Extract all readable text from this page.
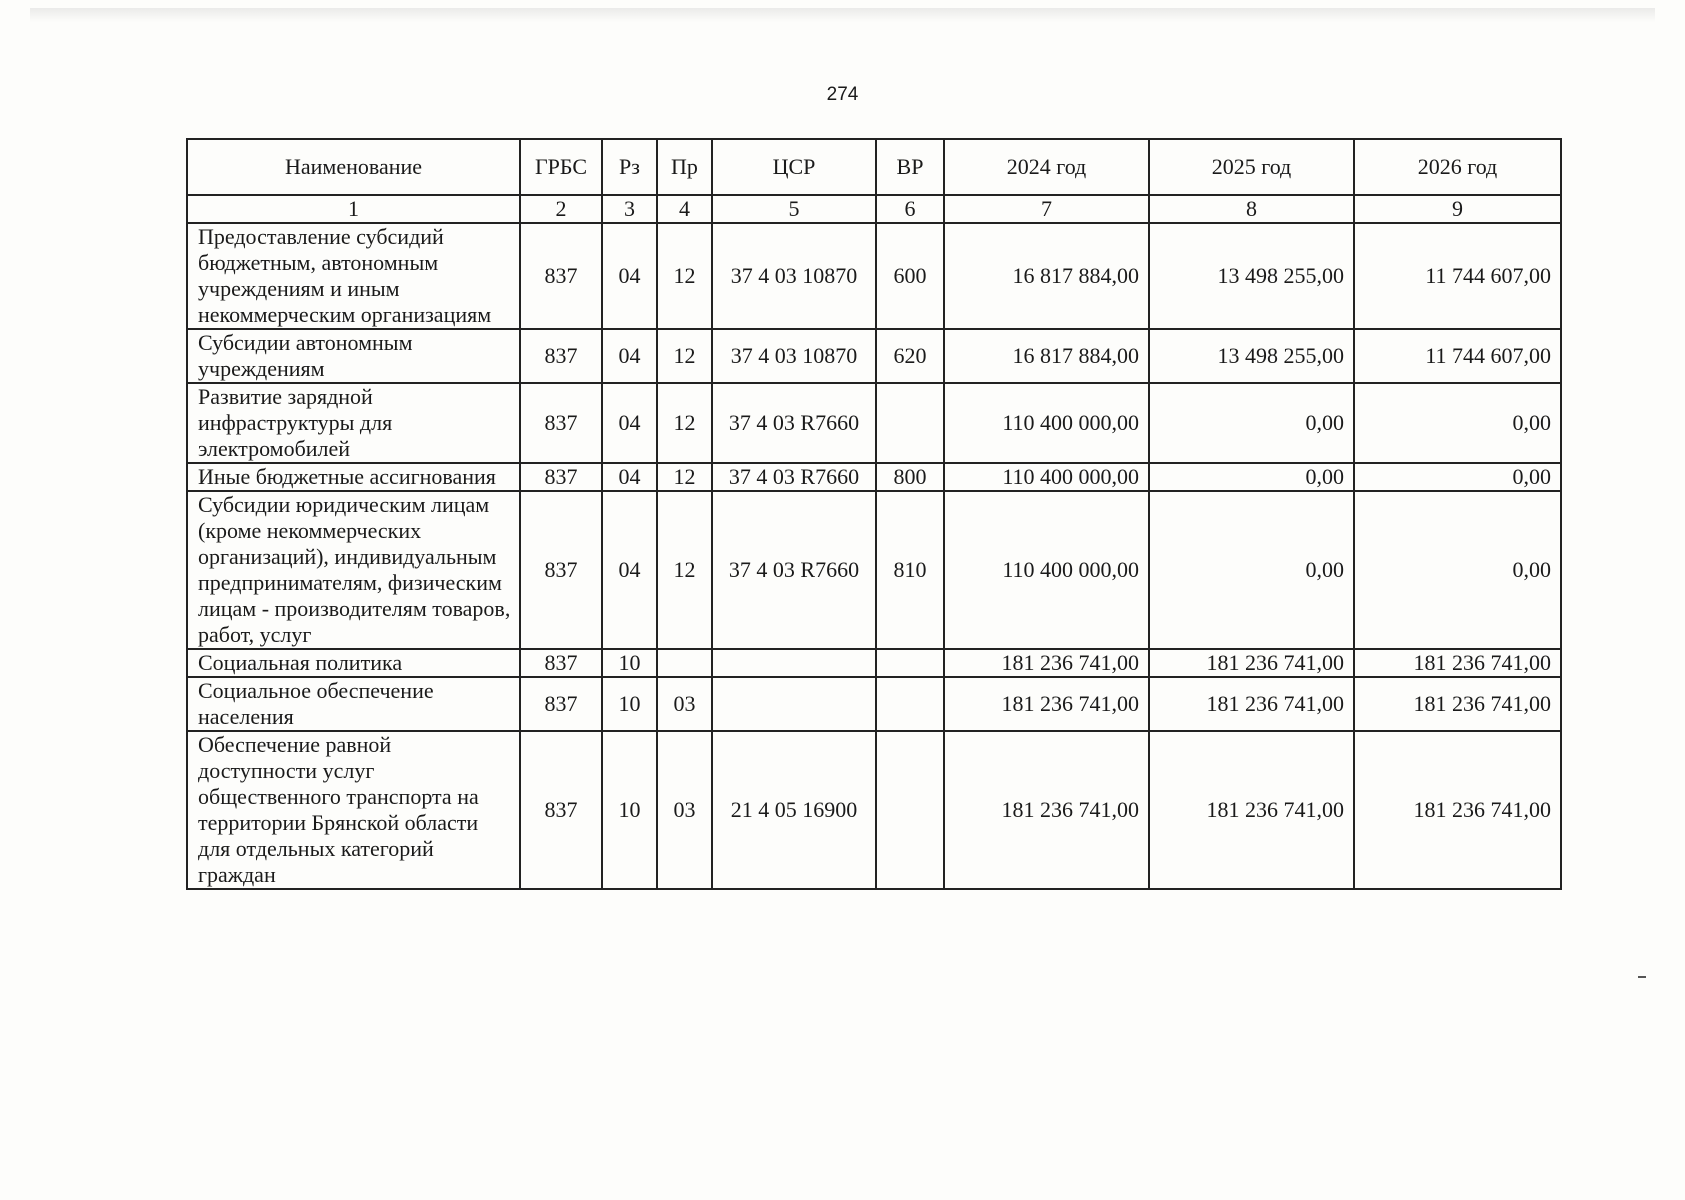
274
Наименование	ГРБС	Рз	Пр	ЦСР	ВР	2024 год	2025 год	2026 год
1	2	3	4	5	6	7	8	9
Предоставление субсидий бюджетным, автономным учреждениям и иным некоммерческим организациям	837	04	12	37 4 03 10870	600	16 817 884,00	13 498 255,00	11 744 607,00
Субсидии автономным учреждениям	837	04	12	37 4 03 10870	620	16 817 884,00	13 498 255,00	11 744 607,00
Развитие зарядной инфраструктуры для электромобилей	837	04	12	37 4 03 R7660		110 400 000,00	0,00	0,00
Иные бюджетные ассигнования	837	04	12	37 4 03 R7660	800	110 400 000,00	0,00	0,00
Субсидии юридическим лицам (кроме некоммерческих организаций), индивидуальным предпринимателям, физическим лицам - производителям товаров, работ, услуг	837	04	12	37 4 03 R7660	810	110 400 000,00	0,00	0,00
Социальная политика	837	10				181 236 741,00	181 236 741,00	181 236 741,00
Социальное обеспечение населения	837	10	03			181 236 741,00	181 236 741,00	181 236 741,00
Обеспечение равной доступности услуг общественного транспорта на территории Брянской области для отдельных категорий граждан	837	10	03	21 4 05 16900		181 236 741,00	181 236 741,00	181 236 741,00
